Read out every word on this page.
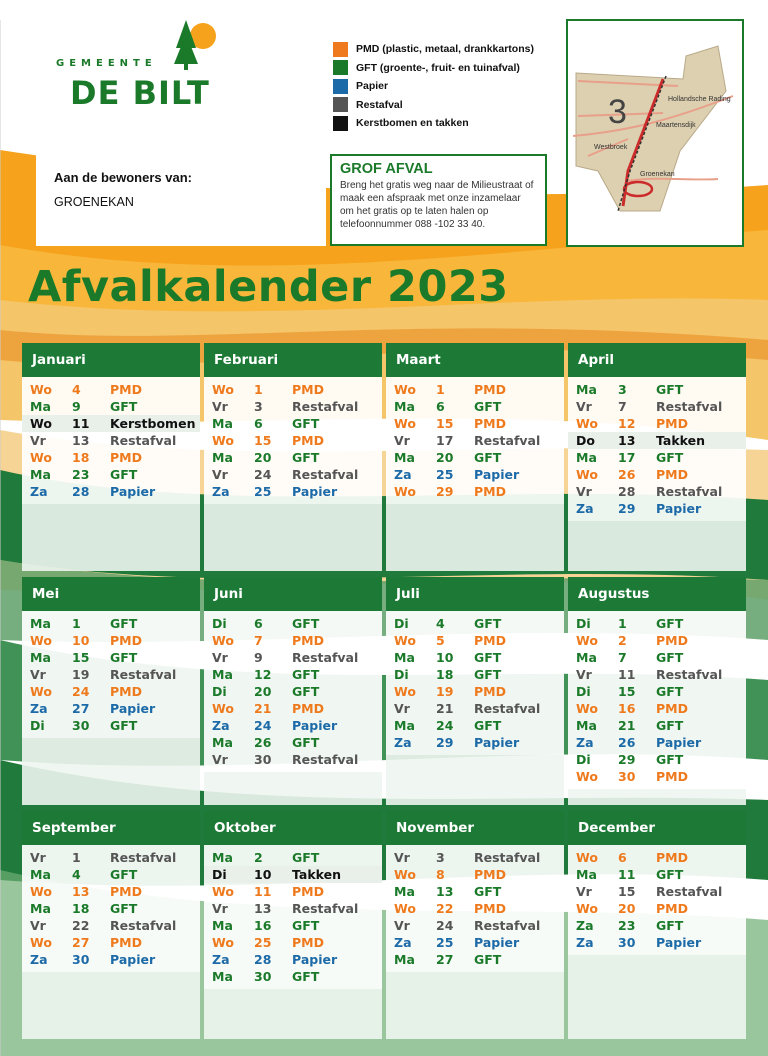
GEMEENTE
DE BILT
Aan de bewoners van:
GROENEKAN
PMD (plastic, metaal, drankkartons)
GFT (groente-, fruit- en tuinafval)
Papier
Restafval
Kerstbomen en takken
GROF AFVAL
Breng het gratis weg naar de Milieustraat of maak een afspraak met onze inzamelaar om het gratis op te laten halen op telefoonnummer 088 -102 33 40.
3	Hollandsche Rading
Maartensdijk
Westbroek
Groenekan
Afvalkalender 2023
Januari
Wo	4	PMD
Ma	9	GFT
Wo	11	Kerstbomen
Vr	13	Restafval
Wo	18	PMD
Ma	23	GFT
Za	28	Papier
Februari
Wo	1	PMD
Vr	3	Restafval
Ma	6	GFT
Wo	15	PMD
Ma	20	GFT
Vr	24	Restafval
Za	25	Papier
Maart
Wo	1	PMD
Ma	6	GFT
Wo	15	PMD
Vr	17	Restafval
Ma	20	GFT
Za	25	Papier
Wo	29	PMD
April
Ma	3	GFT
Vr	7	Restafval
Wo	12	PMD
Do	13	Takken
Ma	17	GFT
Wo	26	PMD
Vr	28	Restafval
Za	29	Papier
Mei
Ma	1	GFT
Wo	10	PMD
Ma	15	GFT
Vr	19	Restafval
Wo	24	PMD
Za	27	Papier
Di	30	GFT
Juni
Di	6	GFT
Wo	7	PMD
Vr	9	Restafval
Ma	12	GFT
Di	20	GFT
Wo	21	PMD
Za	24	Papier
Ma	26	GFT
Vr	30	Restafval
Juli
Di	4	GFT
Wo	5	PMD
Ma	10	GFT
Di	18	GFT
Wo	19	PMD
Vr	21	Restafval
Ma	24	GFT
Za	29	Papier
Augustus
Di	1	GFT
Wo	2	PMD
Ma	7	GFT
Vr	11	Restafval
Di	15	GFT
Wo	16	PMD
Ma	21	GFT
Za	26	Papier
Di	29	GFT
Wo	30	PMD
September
Vr	1	Restafval
Ma	4	GFT
Wo	13	PMD
Ma	18	GFT
Vr	22	Restafval
Wo	27	PMD
Za	30	Papier
Oktober
Ma	2	GFT
Di	10	Takken
Wo	11	PMD
Vr	13	Restafval
Ma	16	GFT
Wo	25	PMD
Za	28	Papier
Ma	30	GFT
November
Vr	3	Restafval
Wo	8	PMD
Ma	13	GFT
Wo	22	PMD
Vr	24	Restafval
Za	25	Papier
Ma	27	GFT
December
Wo	6	PMD
Ma	11	GFT
Vr	15	Restafval
Wo	20	PMD
Za	23	GFT
Za	30	Papier
